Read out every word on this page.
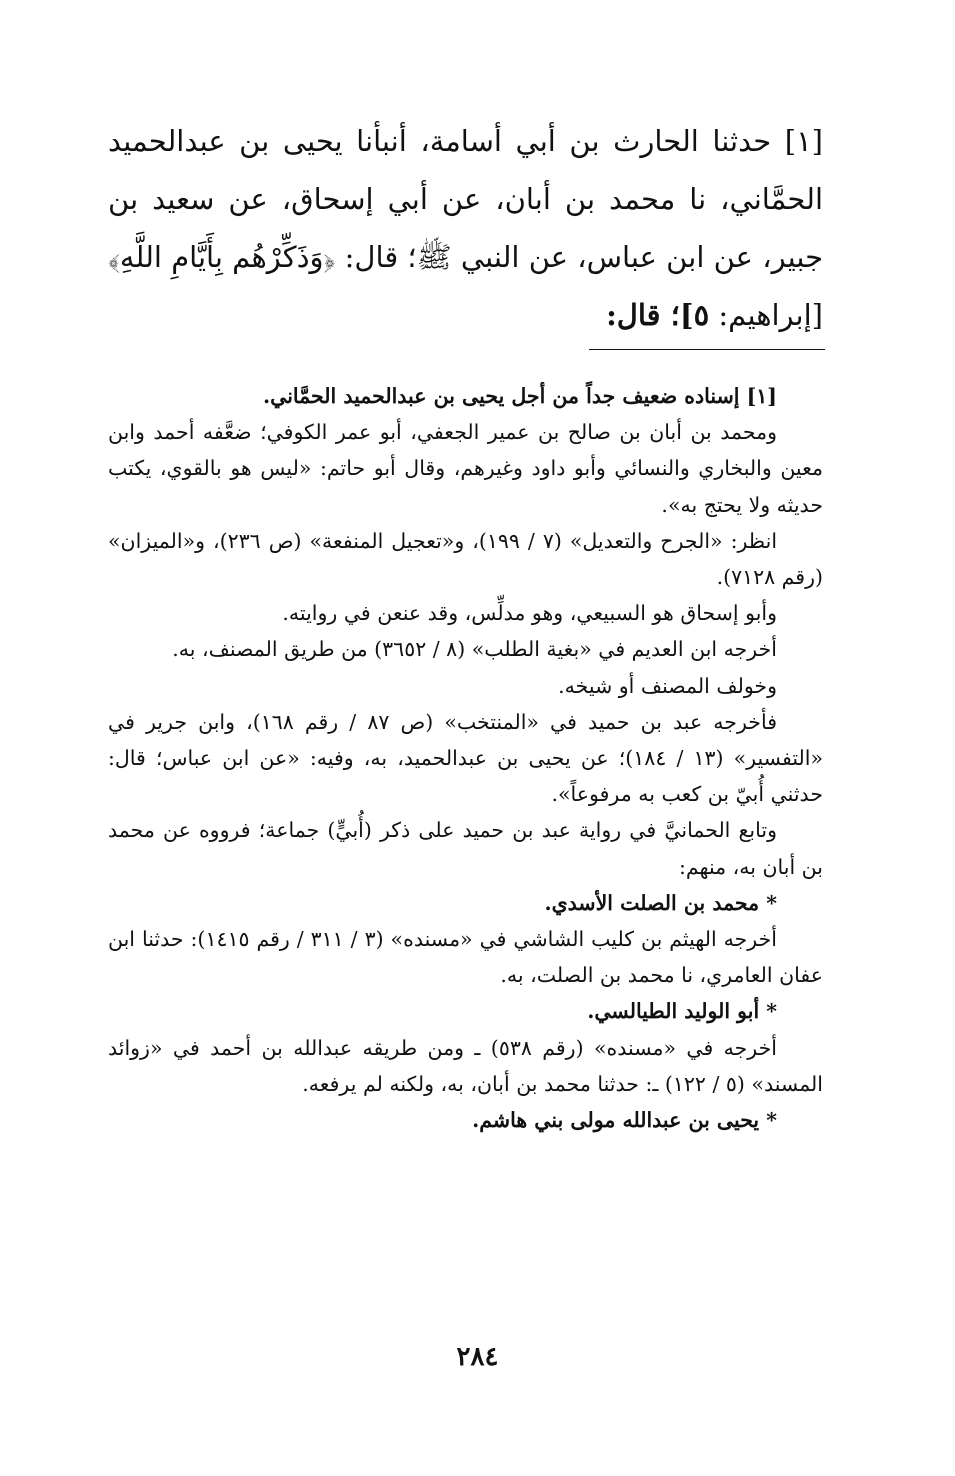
[١] حدثنا الحارث بن أبي أسامة، أنبأنا يحيى بن عبدالحميد الحمَّاني، نا محمد بن أبان، عن أبي إسحاق، عن سعيد بن جبير، عن ابن عباس، عن النبي ﷺ؛ قال: ﴿وَذَكِّرْهُم بِأَيَّامِ اللَّهِ﴾ [إبراهيم: ٥]؛ قال:

[١] إسناده ضعيف جداً من أجل يحيى بن عبدالحميد الحمَّاني.

ومحمد بن أبان بن صالح بن عمير الجعفي، أبو عمر الكوفي؛ ضعَّفه أحمد وابن معين والبخاري والنسائي وأبو داود وغيرهم، وقال أبو حاتم: «ليس هو بالقوي، يكتب حديثه ولا يحتج به».

انظر: «الجرح والتعديل» (٧ / ١٩٩)، و«تعجيل المنفعة» (ص ٢٣٦)، و«الميزان» (رقم ٧١٢٨).

وأبو إسحاق هو السبيعي، وهو مدلِّس، وقد عنعن في روايته.

أخرجه ابن العديم في «بغية الطلب» (٨ / ٣٦٥٢) من طريق المصنف، به.

وخولف المصنف أو شيخه.

فأخرجه عبد بن حميد في «المنتخب» (ص ٨٧ / رقم ١٦٨)، وابن جرير في «التفسير» (١٣ / ١٨٤)؛ عن يحيى بن عبدالحميد، به، وفيه: «عن ابن عباس؛ قال: حدثني أُبيّ بن كعب به مرفوعاً».

وتابع الحمانيَّ في رواية عبد بن حميد على ذكر (أُبيٍّ) جماعة؛ فرووه عن محمد بن أبان به، منهم:

* محمد بن الصلت الأسدي.

أخرجه الهيثم بن كليب الشاشي في «مسنده» (٣ / ٣١١ / رقم ١٤١٥): حدثنا ابن عفان العامري، نا محمد بن الصلت، به.

* أبو الوليد الطيالسي.

أخرجه في «مسنده» (رقم ٥٣٨) ـ ومن طريقه عبدالله بن أحمد في «زوائد المسند» (٥ / ١٢٢) ـ: حدثنا محمد بن أبان، به، ولكنه لم يرفعه.

* يحيى بن عبدالله مولى بني هاشم.

٢٨٤
